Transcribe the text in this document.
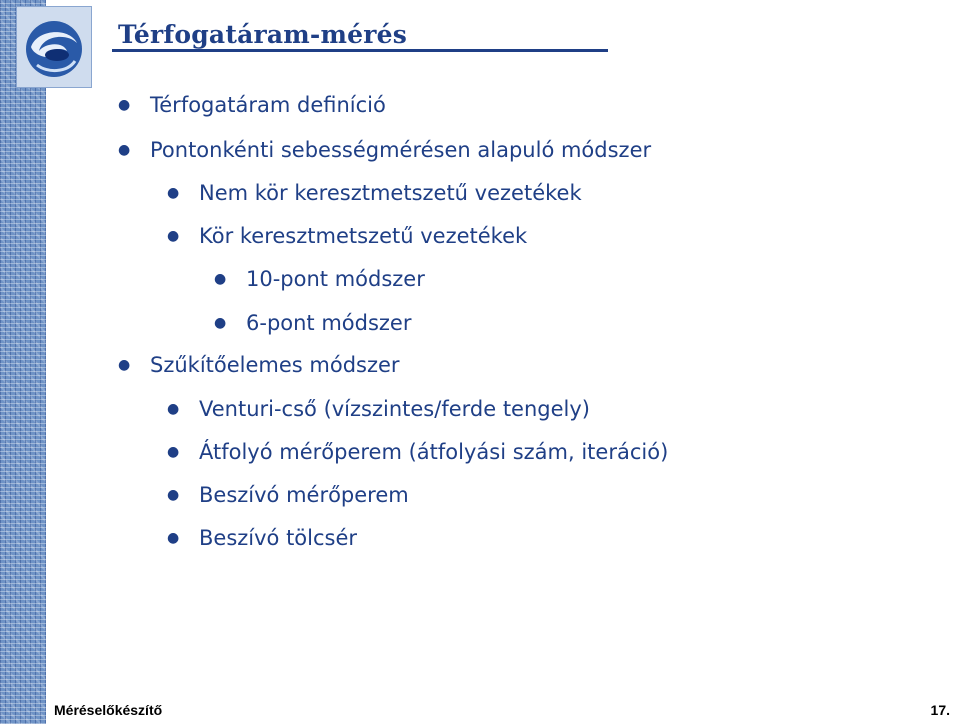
Térfogatáram-mérés
● Térfogatáram definíció
● Pontonkénti sebességmérésen alapuló módszer
● Nem kör keresztmetszetű vezetékek
● Kör keresztmetszetű vezetékek
● 10-pont módszer
● 6-pont módszer
● Szűkítőelemes módszer
● Venturi-cső (vízszintes/ferde tengely)
● Átfolyó mérőperem (átfolyási szám, iteráció)
● Beszívó mérőperem
● Beszívó tölcsér
Méréselőkészítő	17.
